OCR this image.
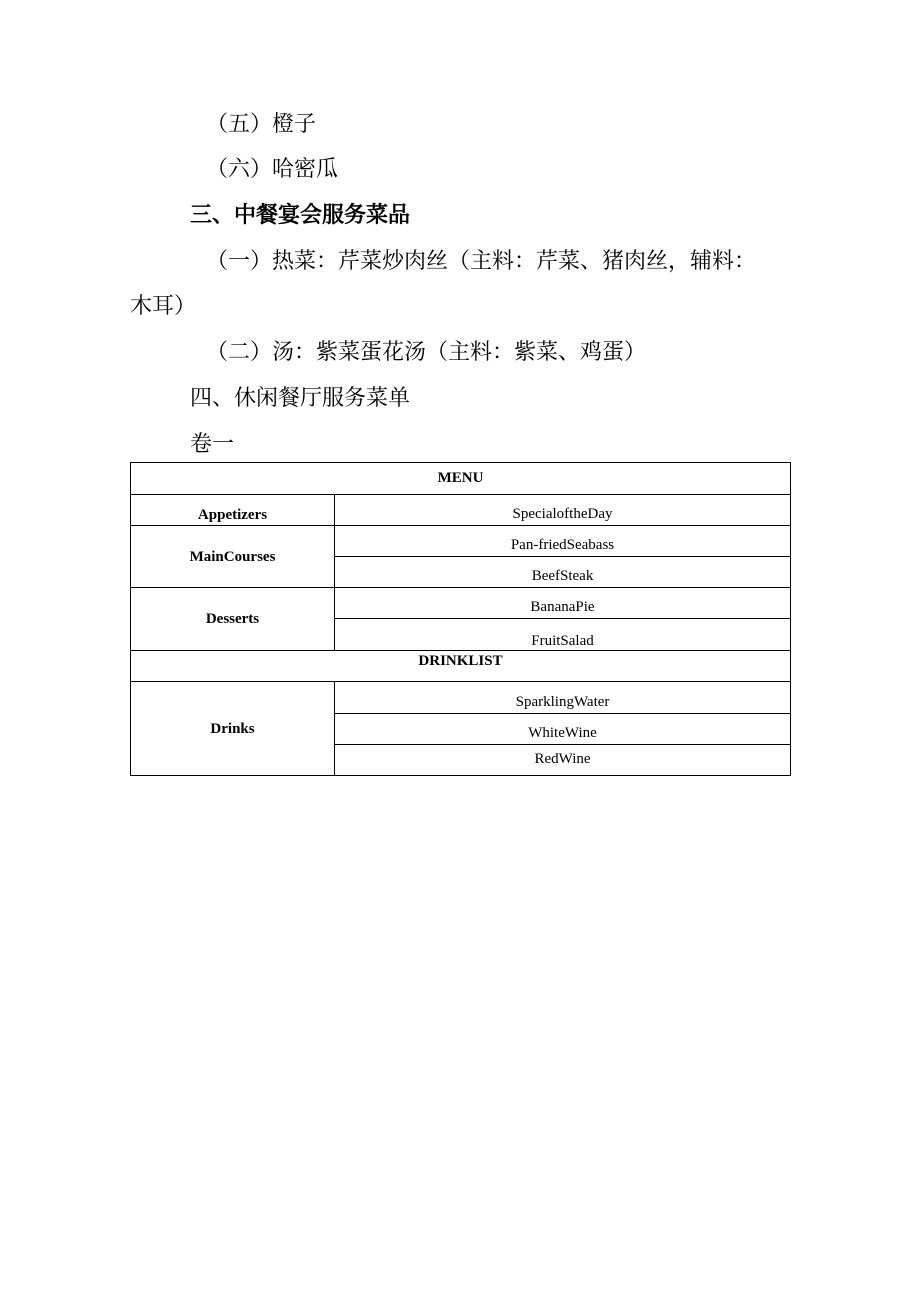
（五）橙子
（六）哈密瓜
三、中餐宴会服务菜品
（一）热菜：芹菜炒肉丝（主料：芹菜、猪肉丝，辅料：
木耳）
（二）汤：紫菜蛋花汤（主料：紫菜、鸡蛋）
四、休闲餐厅服务菜单
卷一
MENU	
Appetizers	SpecialoftheDay
MainCourses	Pan-friedSeabass
	BeefSteak
Desserts	BananaPie
	FruitSalad
DRINKLIST	
Drinks	SparklingWater
	WhiteWine
	RedWine
